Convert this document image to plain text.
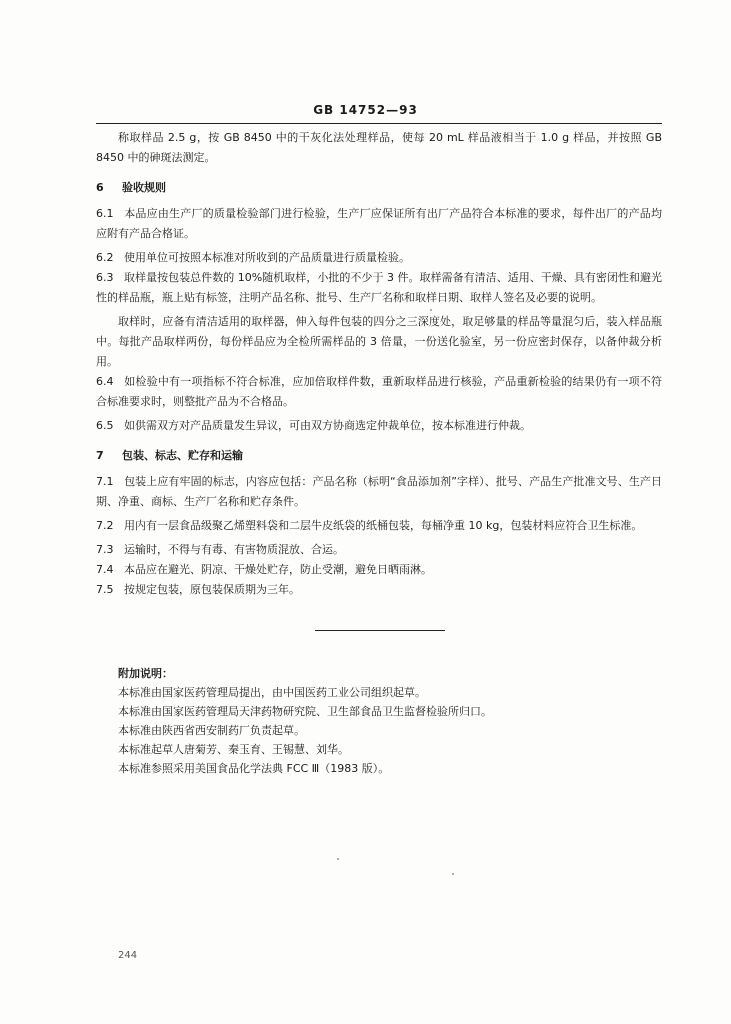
GB 14752—93

称取样品 2.5 g，按 GB 8450 中的干灰化法处理样品，使每 20 mL 样品液相当于 1.0 g 样品，并按照 GB 8450 中的砷斑法测定。

6 验收规则

6.1 本品应由生产厂的质量检验部门进行检验，生产厂应保证所有出厂产品符合本标准的要求，每件出厂的产品均应附有产品合格证。

6.2 使用单位可按照本标准对所收到的产品质量进行质量检验。

6.3 取样量按包装总件数的 10%随机取样，小批的不少于 3 件。取样需备有清洁、适用、干燥、具有密闭性和避光性的样品瓶，瓶上贴有标签，注明产品名称、批号、生产厂名称和取样日期、取样人签名及必要的说明。

取样时，应备有清洁适用的取样器，伸入每件包装的四分之三深度处，取足够量的样品等量混匀后，装入样品瓶中。每批产品取样两份，每份样品应为全检所需样品的 3 倍量，一份送化验室，另一份应密封保存，以备仲裁分析用。

6.4 如检验中有一项指标不符合标准，应加倍取样件数，重新取样品进行核验，产品重新检验的结果仍有一项不符合标准要求时，则整批产品为不合格品。

6.5 如供需双方对产品质量发生异议，可由双方协商选定仲裁单位，按本标准进行仲裁。

7 包装、标志、贮存和运输

7.1 包装上应有牢固的标志，内容应包括：产品名称（标明“食品添加剂”字样）、批号、产品生产批准文号、生产日期、净重、商标、生产厂名称和贮存条件。

7.2 用内有一层食品级聚乙烯塑料袋和二层牛皮纸袋的纸桶包装，每桶净重 10 kg，包装材料应符合卫生标准。

7.3 运输时，不得与有毒、有害物质混放、合运。

7.4 本品应在避光、阴凉、干燥处贮存，防止受潮，避免日晒雨淋。

7.5 按规定包装，原包装保质期为三年。

附加说明：
本标准由国家医药管理局提出，由中国医药工业公司组织起草。
本标准由国家医药管理局天津药物研究院、卫生部食品卫生监督检验所归口。
本标准由陕西省西安制药厂负责起草。
本标准起草人唐菊芳、秦玉育、王锡慧、刘华。
本标准参照采用美国食品化学法典 FCC Ⅲ（1983 版）。
244
